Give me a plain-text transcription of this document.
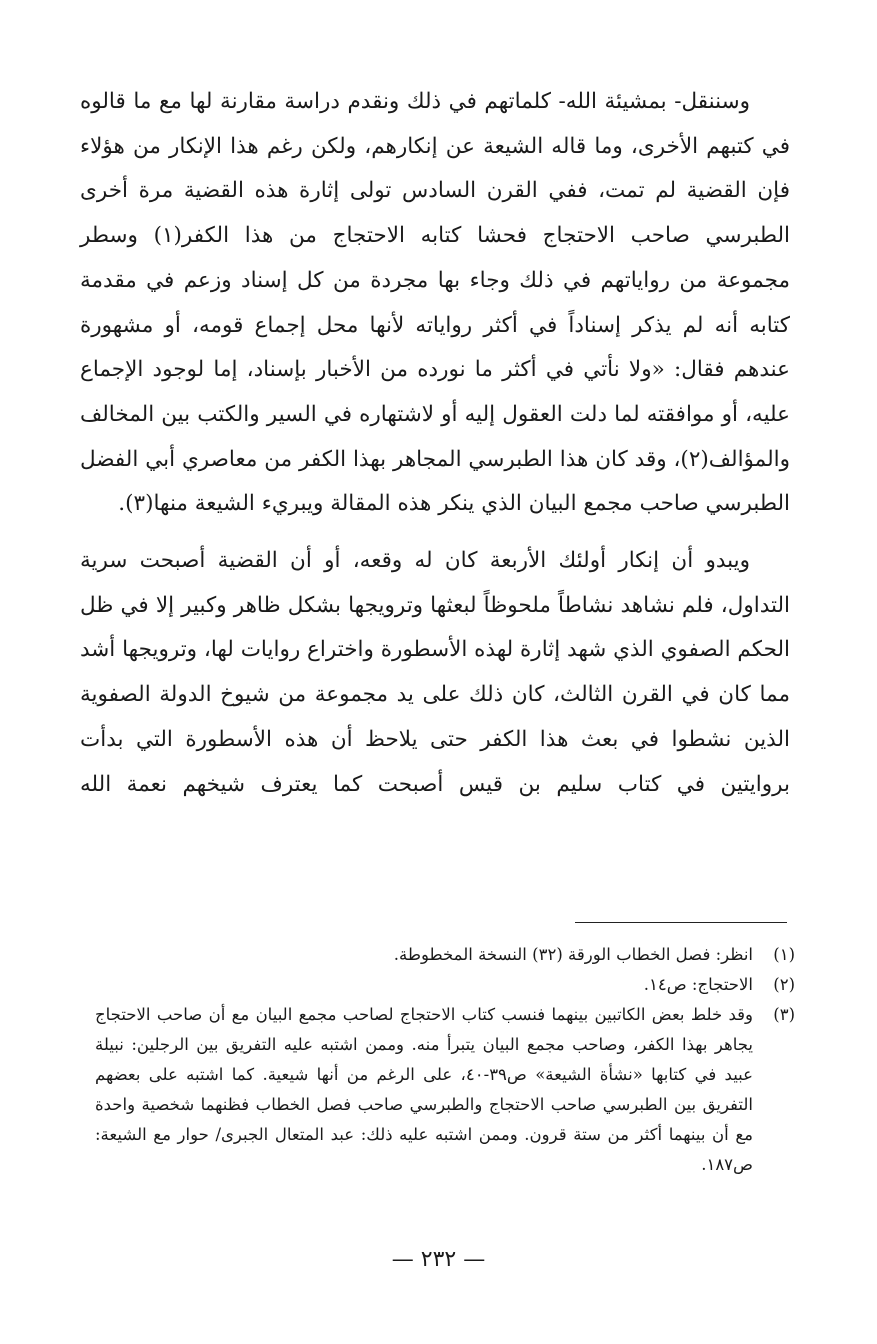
وسننقل- بمشيئة الله- كلماتهم في ذلك ونقدم دراسة مقارنة لها مع ما قالوه في كتبهم الأخرى، وما قاله الشيعة عن إنكارهم، ولكن رغم هذا الإنكار من هؤلاء فإن القضية لم تمت، ففي القرن السادس تولى إثارة هذه القضية مرة أخرى الطبرسي صاحب الاحتجاج فحشا كتابه الاحتجاج من هذا الكفر(١) وسطر مجموعة من رواياتهم في ذلك وجاء بها مجردة من كل إسناد وزعم في مقدمة كتابه أنه لم يذكر إسناداً في أكثر رواياته لأنها محل إجماع قومه، أو مشهورة عندهم فقال: «ولا نأتي في أكثر ما نورده من الأخبار بإسناد، إما لوجود الإجماع عليه، أو موافقته لما دلت العقول إليه أو لاشتهاره في السير والكتب بين المخالف والمؤالف(٢)، وقد كان هذا الطبرسي المجاهر بهذا الكفر من معاصري أبي الفضل الطبرسي صاحب مجمع البيان الذي ينكر هذه المقالة ويبريء الشيعة منها(٣).

ويبدو أن إنكار أولئك الأربعة كان له وقعه، أو أن القضية أصبحت سرية التداول، فلم نشاهد نشاطاً ملحوظاً لبعثها وترويجها بشكل ظاهر وكبير إلا في ظل الحكم الصفوي الذي شهد إثارة لهذه الأسطورة واختراع روايات لها، وترويجها أشد مما كان في القرن الثالث، كان ذلك على يد مجموعة من شيوخ الدولة الصفوية الذين نشطوا في بعث هذا الكفر حتى يلاحظ أن هذه الأسطورة التي بدأت بروايتين في كتاب سليم بن قيس أصبحت كما يعترف شيخهم نعمة الله

(١)
انظر: فصل الخطاب الورقة (٣٢) النسخة المخطوطة.
(٢)
الاحتجاج: ص١٤.
(٣)
وقد خلط بعض الكاتبين بينهما فنسب كتاب الاحتجاج لصاحب مجمع البيان مع أن صاحب الاحتجاج يجاهر بهذا الكفر، وصاحب مجمع البيان يتبرأ منه. وممن اشتبه عليه التفريق بين الرجلين: نبيلة عبيد في كتابها «نشأة الشيعة» ص٣٩-٤٠، على الرغم من أنها شيعية. كما اشتبه على بعضهم التفريق بين الطبرسي صاحب الاحتجاج والطبرسي صاحب فصل الخطاب فظنهما شخصية واحدة مع أن بينهما أكثر من ستة قرون. وممن اشتبه عليه ذلك: عبد المتعال الجبرى/ حوار مع الشيعة: ص١٨٧.
— ٢٣٢ —
